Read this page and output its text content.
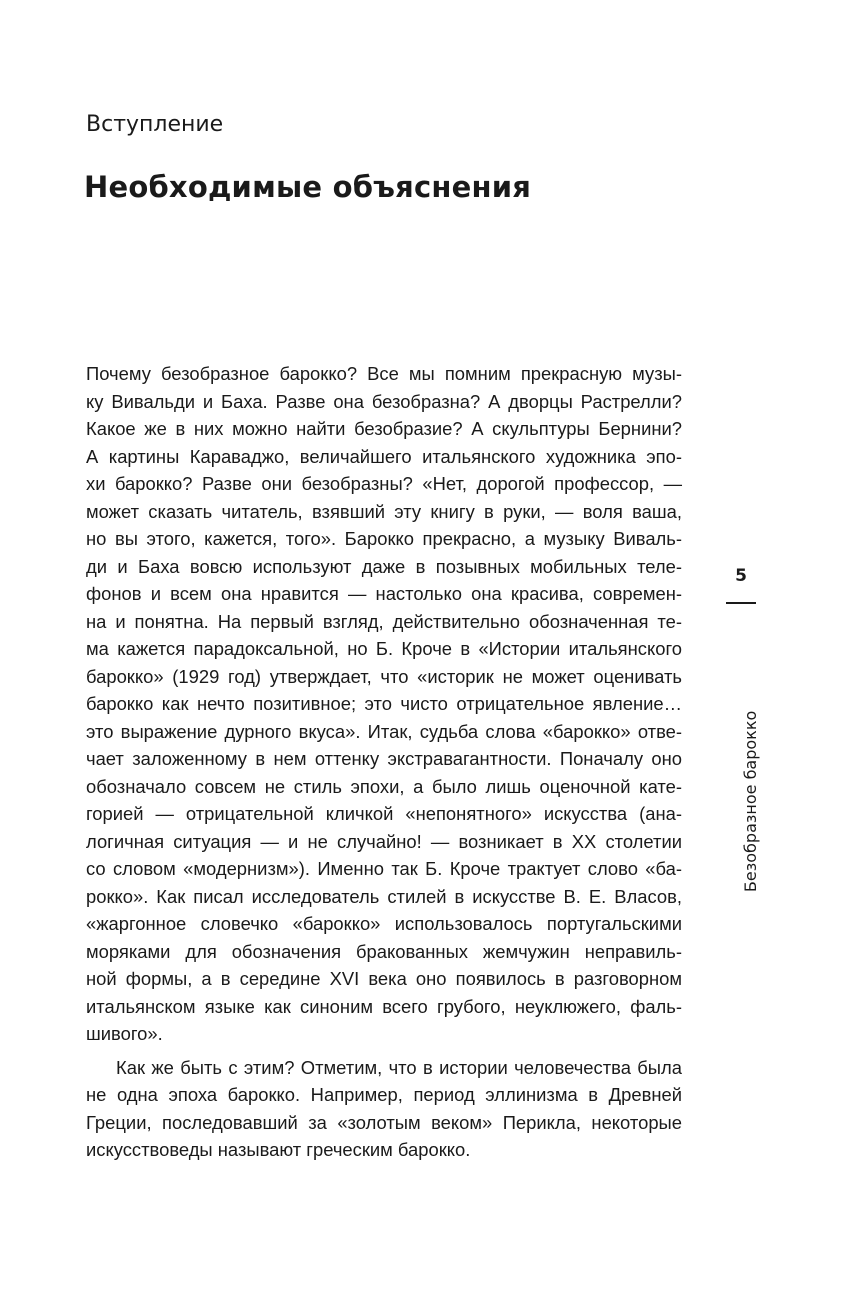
Вступление

Необходимые объяснения
Почему безобразное барокко? Все мы помним прекрасную музы-
ку Вивальди и Баха. Разве она безобразна? А дворцы Растрелли?
Какое же в них можно найти безобразие? А скульптуры Бернини?
А картины Караваджо, величайшего итальянского художника эпо-
хи барокко? Разве они безобразны? «Нет, дорогой профессор, —
может сказать читатель, взявший эту книгу в руки, — воля ваша,
но вы этого, кажется, того». Барокко прекрасно, а музыку Виваль-
ди и Баха вовсю используют даже в позывных мобильных теле-
фонов и всем она нравится — настолько она красива, современ-
на и понятна. На первый взгляд, действительно обозначенная те-
ма кажется парадоксальной, но Б. Кроче в «Истории итальянского
барокко» (1929 год) утверждает, что «историк не может оценивать
барокко как нечто позитивное; это чисто отрицательное явление…
это выражение дурного вкуса». Итак, судьба слова «барокко» отве-
чает заложенному в нем оттенку экстравагантности. Поначалу оно
обозначало совсем не стиль эпохи, а было лишь оценочной кате-
горией — отрицательной кличкой «непонятного» искусства (ана-
логичная ситуация — и не случайно! — возникает в XX столетии
со словом «модернизм»). Именно так Б. Кроче трактует слово «ба-
рокко». Как писал исследователь стилей в искусстве В. Е. Власов,
«жаргонное словечко «барокко» использовалось португальскими
моряками для обозначения бракованных жемчужин неправиль-
ной формы, а в середине XVI века оно появилось в разговорном
итальянском языке как синоним всего грубого, неуклюжего, фаль-
шивого».
Как же быть с этим? Отметим, что в истории человечества была
не одна эпоха барокко. Например, период эллинизма в Древней
Греции, последовавший за «золотым веком» Перикла, некоторые
искусствоведы называют греческим барокко.
5
Безобразное барокко
